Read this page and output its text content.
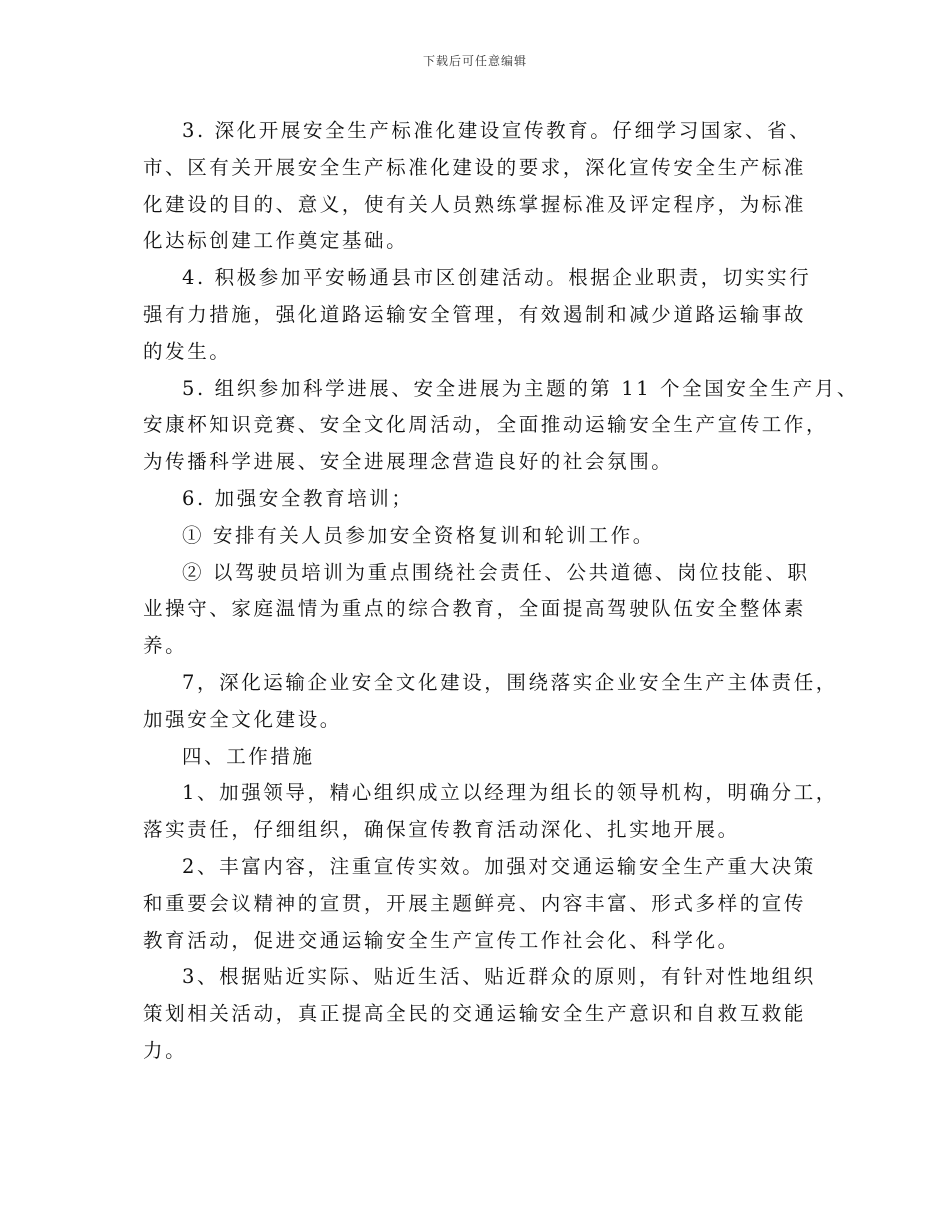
下载后可任意编辑
3. 深化开展安全生产标准化建设宣传教育。仔细学习国家、省、
市、区有关开展安全生产标准化建设的要求，深化宣传安全生产标准
化建设的目的、意义，使有关人员熟练掌握标准及评定程序，为标准
化达标创建工作奠定基础。
4. 积极参加平安畅通县市区创建活动。根据企业职责，切实实行
强有力措施，强化道路运输安全管理，有效遏制和减少道路运输事故
的发生。
5. 组织参加科学进展、安全进展为主题的第 11 个全国安全生产月、
安康杯知识竞赛、安全文化周活动，全面推动运输安全生产宣传工作，
为传播科学进展、安全进展理念营造良好的社会氛围。
6. 加强安全教育培训；
① 安排有关人员参加安全资格复训和轮训工作。
② 以驾驶员培训为重点围绕社会责任、公共道德、岗位技能、职
业操守、家庭温情为重点的综合教育，全面提高驾驶队伍安全整体素
养。
7，深化运输企业安全文化建设，围绕落实企业安全生产主体责任，
加强安全文化建设。
四、工作措施
1、加强领导，精心组织成立以经理为组长的领导机构，明确分工，
落实责任，仔细组织，确保宣传教育活动深化、扎实地开展。
2、丰富内容，注重宣传实效。加强对交通运输安全生产重大决策
和重要会议精神的宣贯，开展主题鲜亮、内容丰富、形式多样的宣传
教育活动，促进交通运输安全生产宣传工作社会化、科学化。
3、根据贴近实际、贴近生活、贴近群众的原则，有针对性地组织
策划相关活动，真正提高全民的交通运输安全生产意识和自救互救能
力。
